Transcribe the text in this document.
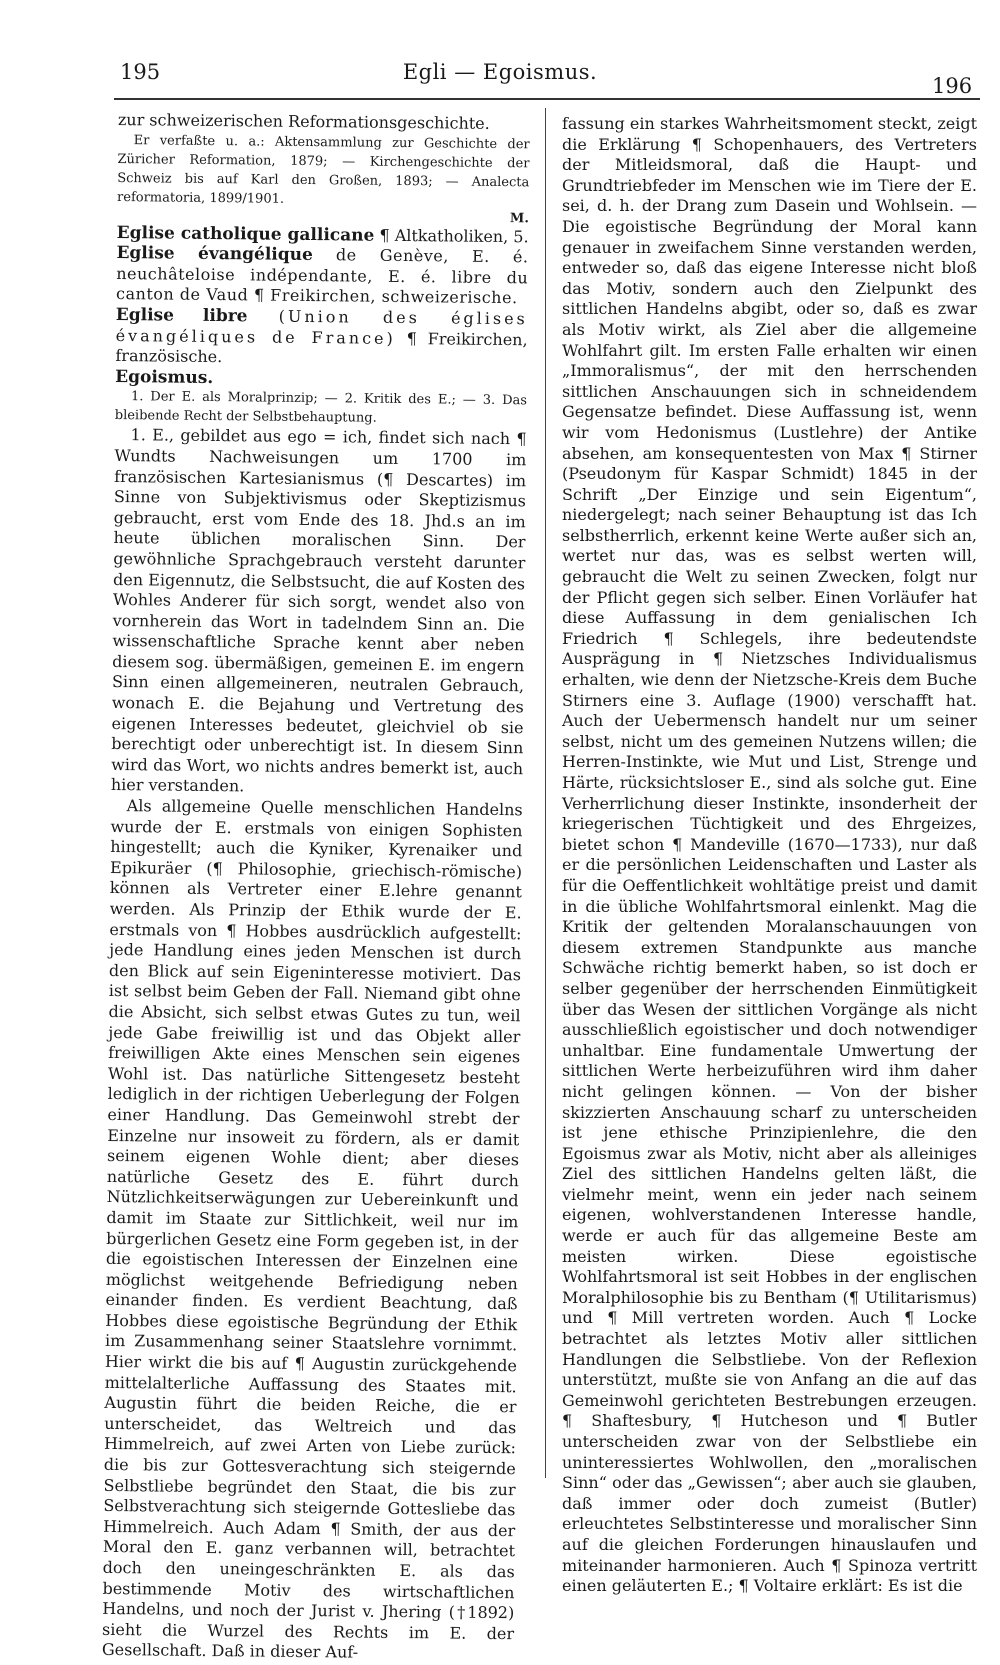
195	Egli — Egoismus.
196

zur schweizerischen Reformationsgeschichte.

Er verfaßte u. a.: Aktensammlung zur Geschichte der Züricher Reformation, 1879; — Kirchengeschichte der Schweiz bis auf Karl den Großen, 1893; — Analecta reformatoria, 1899/1901.

M.

Eglise catholique gallicane ¶ Altkatholiken, 5.

Eglise évangélique de Genève, E. é. neuchâteloise indépendante, E. é. libre du canton de Vaud ¶ Freikirchen, schweizerische.

Eglise libre (Union des églises évangéliques de France) ¶ Freikirchen, französische.

Egoismus.

1. Der E. als Moralprinzip; — 2. Kritik des E.; — 3. Das bleibende Recht der Selbstbehauptung.

1. E., gebildet aus ego = ich, findet sich nach ¶ Wundts Nachweisungen um 1700 im französischen Kartesianismus (¶ Descartes) im Sinne von Subjektivismus oder Skeptizismus gebraucht, erst vom Ende des 18. Jhd.s an im heute üblichen moralischen Sinn. Der gewöhnliche Sprachgebrauch versteht darunter den Eigennutz, die Selbstsucht, die auf Kosten des Wohles Anderer für sich sorgt, wendet also von vornherein das Wort in tadelndem Sinn an. Die wissenschaftliche Sprache kennt aber neben diesem sog. übermäßigen, gemeinen E. im engern Sinn einen allgemeineren, neutralen Gebrauch, wonach E. die Bejahung und Vertretung des eigenen Interesses bedeutet, gleichviel ob sie berechtigt oder unberechtigt ist. In diesem Sinn wird das Wort, wo nichts andres bemerkt ist, auch hier verstanden.

Als allgemeine Quelle menschlichen Handelns wurde der E. erstmals von einigen Sophisten hingestellt; auch die Kyniker, Kyrenaiker und Epikuräer (¶ Philosophie, griechisch-römische) können als Vertreter einer E.lehre genannt werden. Als Prinzip der Ethik wurde der E. erstmals von ¶ Hobbes ausdrücklich aufgestellt: jede Handlung eines jeden Menschen ist durch den Blick auf sein Eigeninteresse motiviert. Das ist selbst beim Geben der Fall. Niemand gibt ohne die Absicht, sich selbst etwas Gutes zu tun, weil jede Gabe freiwillig ist und das Objekt aller freiwilligen Akte eines Menschen sein eigenes Wohl ist. Das natürliche Sittengesetz besteht lediglich in der richtigen Ueberlegung der Folgen einer Handlung. Das Gemeinwohl strebt der Einzelne nur insoweit zu fördern, als er damit seinem eigenen Wohle dient; aber dieses natürliche Gesetz des E. führt durch Nützlichkeitserwägungen zur Uebereinkunft und damit im Staate zur Sittlichkeit, weil nur im bürgerlichen Gesetz eine Form gegeben ist, in der die egoistischen Interessen der Einzelnen eine möglichst weitgehende Befriedigung neben einander finden. Es verdient Beachtung, daß Hobbes diese egoistische Begründung der Ethik im Zusammenhang seiner Staatslehre vornimmt. Hier wirkt die bis auf ¶ Augustin zurückgehende mittelalterliche Auffassung des Staates mit. Augustin führt die beiden Reiche, die er unterscheidet, das Weltreich und das Himmelreich, auf zwei Arten von Liebe zurück: die bis zur Gottesverachtung sich steigernde Selbstliebe begründet den Staat, die bis zur Selbstverachtung sich steigernde Gottesliebe das Himmelreich. Auch Adam ¶ Smith, der aus der Moral den E. ganz verbannen will, betrachtet doch den uneingeschränkten E. als das bestimmende Motiv des wirtschaftlichen Handelns, und noch der Jurist v. Jhering (†1892) sieht die Wurzel des Rechts im E. der Gesellschaft. Daß in dieser Auf-

fassung ein starkes Wahrheitsmoment steckt, zeigt die Erklärung ¶ Schopenhauers, des Vertreters der Mitleidsmoral, daß die Haupt- und Grundtriebfeder im Menschen wie im Tiere der E. sei, d. h. der Drang zum Dasein und Wohlsein. — Die egoistische Begründung der Moral kann genauer in zweifachem Sinne verstanden werden, entweder so, daß das eigene Interesse nicht bloß das Motiv, sondern auch den Zielpunkt des sittlichen Handelns abgibt, oder so, daß es zwar als Motiv wirkt, als Ziel aber die allgemeine Wohlfahrt gilt. Im ersten Falle erhalten wir einen „Immoralismus“, der mit den herrschenden sittlichen Anschauungen sich in schneidendem Gegensatze befindet. Diese Auffassung ist, wenn wir vom Hedonismus (Lustlehre) der Antike absehen, am konsequentesten von Max ¶ Stirner (Pseudonym für Kaspar Schmidt) 1845 in der Schrift „Der Einzige und sein Eigentum“, niedergelegt; nach seiner Behauptung ist das Ich selbstherrlich, erkennt keine Werte außer sich an, wertet nur das, was es selbst werten will, gebraucht die Welt zu seinen Zwecken, folgt nur der Pflicht gegen sich selber. Einen Vorläufer hat diese Auffassung in dem genialischen Ich Friedrich ¶ Schlegels, ihre bedeutendste Ausprägung in ¶ Nietzsches Individualismus erhalten, wie denn der Nietzsche-Kreis dem Buche Stirners eine 3. Auflage (1900) verschafft hat. Auch der Uebermensch handelt nur um seiner selbst, nicht um des gemeinen Nutzens willen; die Herren-Instinkte, wie Mut und List, Strenge und Härte, rücksichtsloser E., sind als solche gut. Eine Verherrlichung dieser Instinkte, insonderheit der kriegerischen Tüchtigkeit und des Ehrgeizes, bietet schon ¶ Mandeville (1670—1733), nur daß er die persönlichen Leidenschaften und Laster als für die Oeffentlichkeit wohltätige preist und damit in die übliche Wohlfahrtsmoral einlenkt. Mag die Kritik der geltenden Moralanschauungen von diesem extremen Standpunkte aus manche Schwäche richtig bemerkt haben, so ist doch er selber gegenüber der herrschenden Einmütigkeit über das Wesen der sittlichen Vorgänge als nicht ausschließlich egoistischer und doch notwendiger unhaltbar. Eine fundamentale Umwertung der sittlichen Werte herbeizuführen wird ihm daher nicht gelingen können. — Von der bisher skizzierten Anschauung scharf zu unterscheiden ist jene ethische Prinzipienlehre, die den Egoismus zwar als Motiv, nicht aber als alleiniges Ziel des sittlichen Handelns gelten läßt, die vielmehr meint, wenn ein jeder nach seinem eigenen, wohlverstandenen Interesse handle, werde er auch für das allgemeine Beste am meisten wirken. Diese egoistische Wohlfahrtsmoral ist seit Hobbes in der englischen Moralphilosophie bis zu Bentham (¶ Utilitarismus) und ¶ Mill vertreten worden. Auch ¶ Locke betrachtet als letztes Motiv aller sittlichen Handlungen die Selbstliebe. Von der Reflexion unterstützt, mußte sie von Anfang an die auf das Gemeinwohl gerichteten Bestrebungen erzeugen. ¶ Shaftesbury, ¶ Hutcheson und ¶ Butler unterscheiden zwar von der Selbstliebe ein uninteressiertes Wohlwollen, den „moralischen Sinn“ oder das „Gewissen“; aber auch sie glauben, daß immer oder doch zumeist (Butler) erleuchtetes Selbstinteresse und moralischer Sinn auf die gleichen Forderungen hinauslaufen und miteinander harmonieren. Auch ¶ Spinoza vertritt einen geläuterten E.; ¶ Voltaire erklärt: Es ist die
